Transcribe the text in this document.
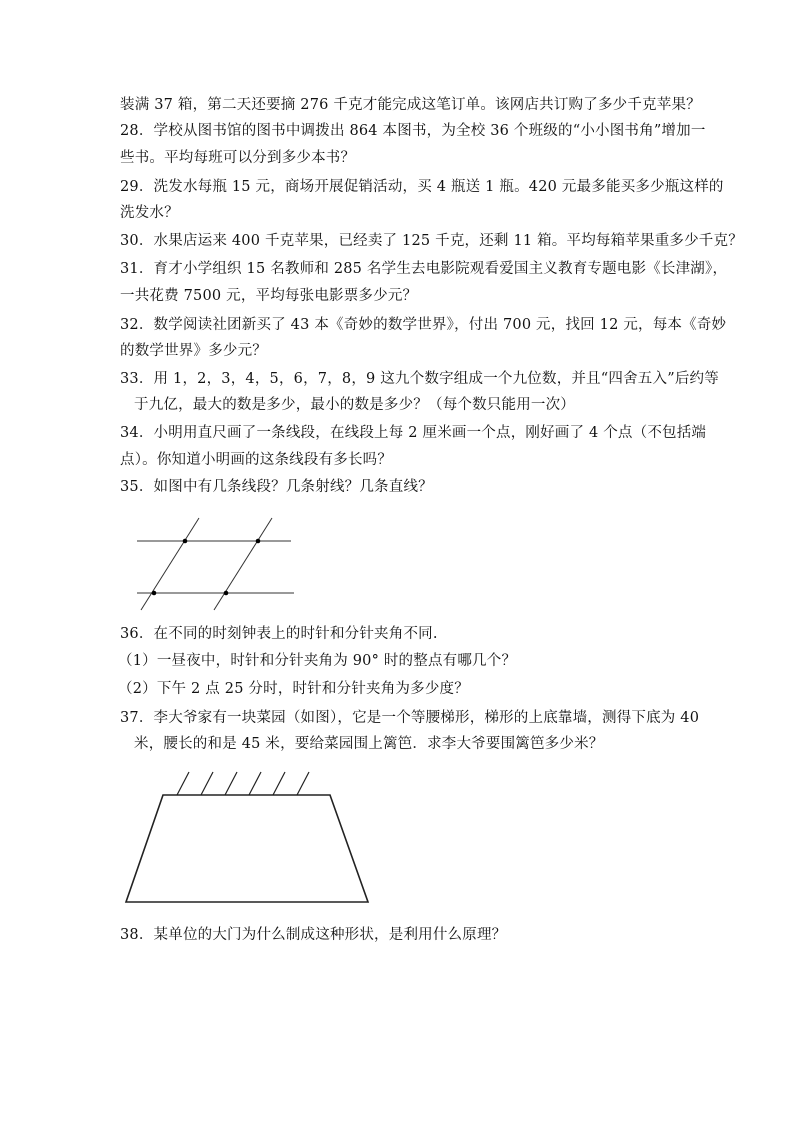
装满 37 箱，第二天还要摘 276 千克才能完成这笔订单。该网店共订购了多少千克苹果？
28．学校从图书馆的图书中调拨出 864 本图书，为全校 36 个班级的“小小图书角”增加一
些书。平均每班可以分到多少本书？
29．洗发水每瓶 15 元，商场开展促销活动，买 4 瓶送 1 瓶。420 元最多能买多少瓶这样的
洗发水？
30．水果店运来 400 千克苹果，已经卖了 125 千克，还剩 11 箱。平均每箱苹果重多少千克？
31．育才小学组织 15 名教师和 285 名学生去电影院观看爱国主义教育专题电影《长津湖》，
一共花费 7500 元，平均每张电影票多少元？
32．数学阅读社团新买了 43 本《奇妙的数学世界》，付出 700 元，找回 12 元，每本《奇妙
的数学世界》多少元？
33．用 1，2，3，4，5，6，7，8，9 这九个数字组成一个九位数，并且“四舍五入”后约等
于九亿，最大的数是多少，最小的数是多少？（每个数只能用一次）
34．小明用直尺画了一条线段，在线段上每 2 厘米画一个点，刚好画了 4 个点（不包括端
点）。你知道小明画的这条线段有多长吗？
35．如图中有几条线段？几条射线？几条直线？
36．在不同的时刻钟表上的时针和分针夹角不同.
（1）一昼夜中，时针和分针夹角为 90° 时的整点有哪几个？
（2）下午 2 点 25 分时，时针和分针夹角为多少度？
37．李大爷家有一块菜园（如图），它是一个等腰梯形，梯形的上底靠墙，测得下底为 40
米，腰长的和是 45 米，要给菜园围上篱笆．求李大爷要围篱笆多少米？
38．某单位的大门为什么制成这种形状，是利用什么原理？
